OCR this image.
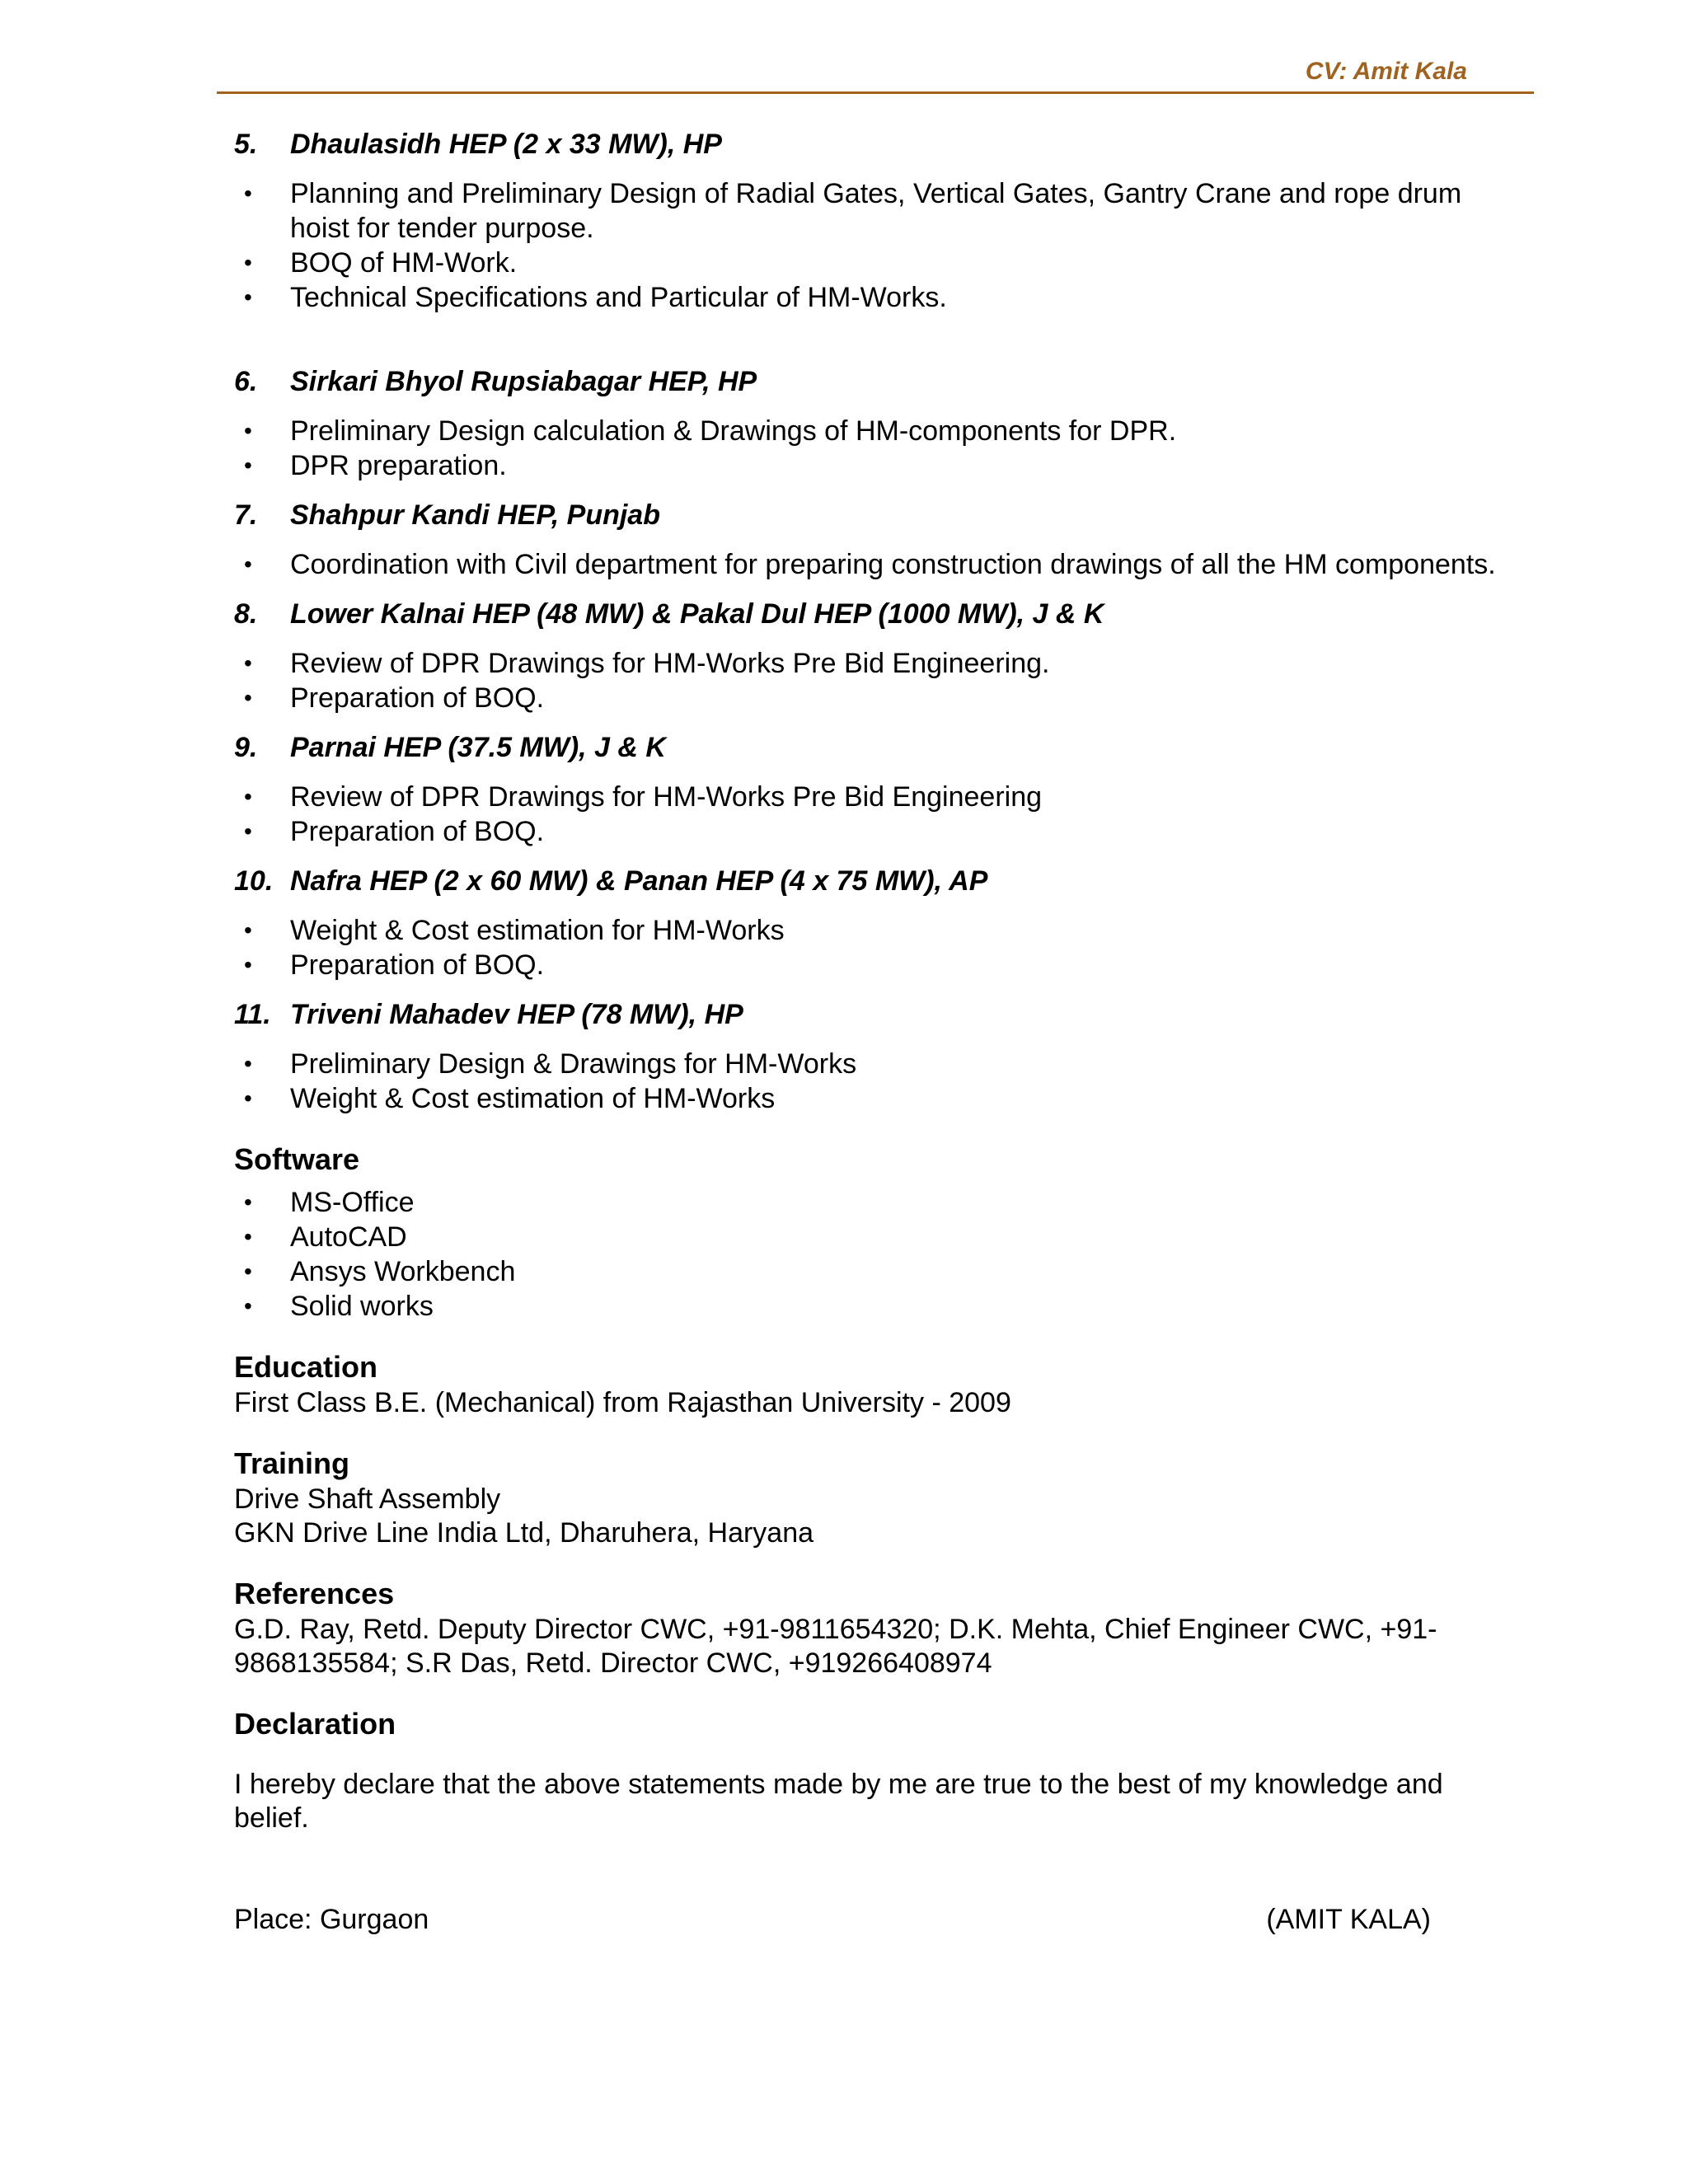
CV: Amit Kala
5.	Dhaulasidh HEP (2 x 33 MW), HP
•	Planning and Preliminary Design of Radial Gates, Vertical Gates, Gantry Crane and rope drum hoist for tender purpose.
•	BOQ of HM-Work.
•	Technical Specifications and Particular of HM-Works.
6.	Sirkari Bhyol Rupsiabagar HEP, HP
•	Preliminary Design calculation & Drawings of HM-components for DPR.
•	DPR preparation.
7.	Shahpur Kandi HEP, Punjab
•	Coordination with Civil department for preparing construction drawings of all the HM components.
8.	Lower Kalnai HEP (48 MW) & Pakal Dul HEP (1000 MW), J & K
•	Review of DPR Drawings for HM-Works Pre Bid Engineering.
•	Preparation of BOQ.
9.	Parnai HEP (37.5 MW), J & K
•	Review of DPR Drawings for HM-Works Pre Bid Engineering
•	Preparation of BOQ.
10. Nafra HEP (2 x 60 MW) & Panan HEP (4 x 75 MW), AP
•	Weight & Cost estimation for HM-Works
•	Preparation of BOQ.
11. Triveni Mahadev HEP (78 MW), HP
•	Preliminary Design & Drawings for HM-Works
•	Weight & Cost estimation of HM-Works
Software
•	MS-Office
•	AutoCAD
•	Ansys Workbench
•	Solid works
Education
First Class B.E. (Mechanical) from Rajasthan University - 2009
Training
Drive Shaft Assembly
GKN Drive Line India Ltd, Dharuhera, Haryana
References
G.D. Ray, Retd. Deputy Director CWC, +91-9811654320; D.K. Mehta, Chief Engineer CWC, +91-
9868135584; S.R Das, Retd. Director CWC, +919266408974
Declaration
I hereby declare that the above statements made by me are true to the best of my knowledge and
belief.
Place: Gurgaon	(AMIT KALA)
